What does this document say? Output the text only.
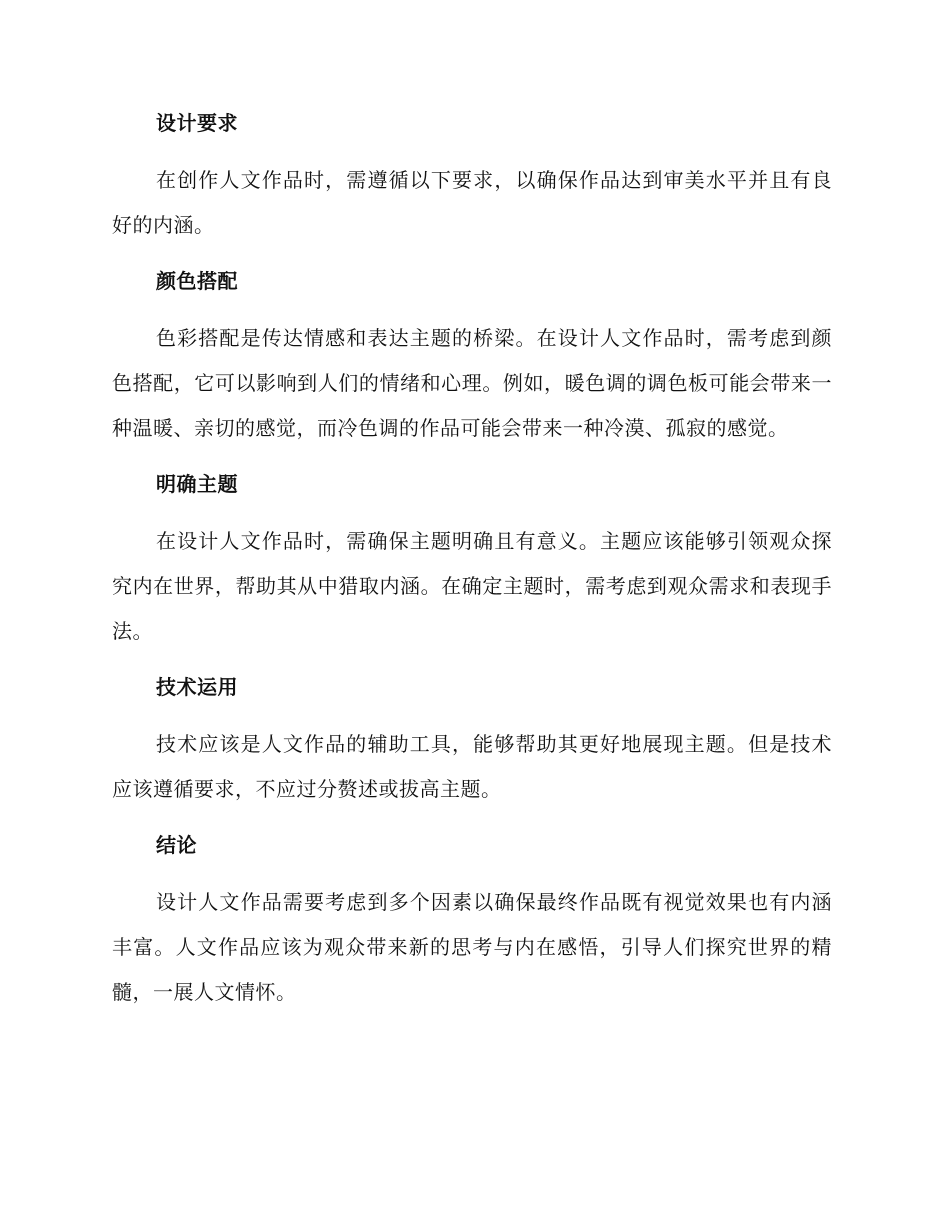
设计要求
在创作人文作品时，需遵循以下要求，以确保作品达到审美水平并且有良好的内涵。
颜色搭配
色彩搭配是传达情感和表达主题的桥梁。在设计人文作品时，需考虑到颜色搭配，它可以影响到人们的情绪和心理。例如，暖色调的调色板可能会带来一种温暖、亲切的感觉，而冷色调的作品可能会带来一种冷漠、孤寂的感觉。
明确主题
在设计人文作品时，需确保主题明确且有意义。主题应该能够引领观众探究内在世界，帮助其从中猎取内涵。在确定主题时，需考虑到观众需求和表现手法。
技术运用
技术应该是人文作品的辅助工具，能够帮助其更好地展现主题。但是技术应该遵循要求，不应过分赘述或拔高主题。
结论
设计人文作品需要考虑到多个因素以确保最终作品既有视觉效果也有内涵丰富。人文作品应该为观众带来新的思考与内在感悟，引导人们探究世界的精髓，一展人文情怀。
